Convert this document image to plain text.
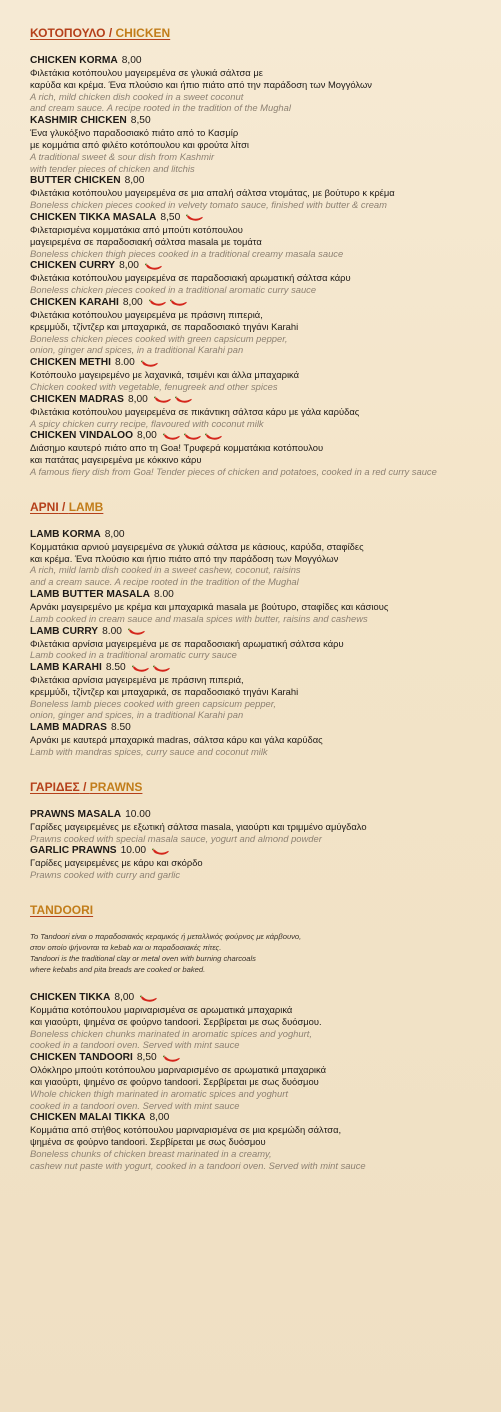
ΚΟΤΟΠΟΥΛΟ / CHICKEN
CHICKEN KORMA 8,00
Φιλετάκια κοτόπουλου μαγειρεμένα σε γλυκιά σάλτσα με
καρύδα και κρέμα. Ένα πλούσιο και ήπιο πιάτο από την παράδοση των Μογγόλων
A rich, mild chicken dish cooked in a sweet coconut
and cream sauce. A recipe rooted in the tradition of the Mughal
KASHMIR CHICKEN 8,50
Ένα γλυκόξινο παραδοσιακό πιάτο από το Κασμίρ
με κομμάτια από φιλέτο κοτόπουλου και φρούτα λίτσι
A traditional sweet & sour dish from Kashmir
with tender pieces of chicken and litchis
BUTTER CHICKEN 8,00
Φιλετάκια κοτόπουλου μαγειρεμένα σε μια απαλή σάλτσα ντομάτας, με βούτυρο κ κρέμα
Boneless chicken pieces cooked in velvety tomato sauce, finished with butter & cream
CHICKEN TIKKA MASALA 8,50
Φιλεταρισμένα κομματάκια από μπούτι κοτόπουλου
μαγειρεμένα σε παραδοσιακή σάλτσα masala με τομάτα
Boneless chicken thigh pieces cooked in a traditional creamy masala sauce
CHICKEN CURRY 8,00
Φιλετάκια κοτόπουλου μαγειρεμένα σε παραδοσιακή αρωματική σάλτσα κάρυ
Boneless chicken pieces cooked in a traditional aromatic curry sauce
CHICKEN KARAHI 8,00
Φιλετάκια κοτόπουλου μαγειρεμένα με πράσινη πιπεριά,
κρεμμύδι, τζίντζερ και μπαχαρικά, σε παραδοσιακό τηγάνι Karahi
Boneless chicken pieces cooked with green capsicum pepper,
onion, ginger and spices, in a traditional Karahi pan
CHICKEN METHI 8.00
Κοτόπουλο μαγειρεμένο με λαχανικά, τσιμένι και άλλα μπαχαρικά
Chicken cooked with vegetable, fenugreek and other spices
CHICKEN MADRAS 8,00
Φιλετάκια κοτόπουλου μαγειρεμένα σε πικάντικη σάλτσα κάρυ με γάλα καρύδας
A spicy chicken curry recipe, flavoured with coconut milk
CHICKEN VINDALOO 8,00
Διάσημο καυτερό πιάτο απο τη Goa! Τρυφερά κομματάκια κοτόπουλου
και πατάτας μαγειρεμένα με κόκκινο κάρυ
A famous fiery dish from Goa! Tender pieces of chicken and potatoes, cooked in a red curry sauce
ΑΡΝΙ / LAMB
LAMB KORMA 8,00
Κομματάκια αρνιού μαγειρεμένα σε γλυκιά σάλτσα με κάσιους, καρύδα, σταφίδες
και κρέμα. Ένα πλούσιο και ήπιο πιάτο από την παράδοση των Μογγόλων
A rich, mild lamb dish cooked in a sweet cashew, coconut, raisins
and a cream sauce. A recipe rooted in the tradition of the Mughal
LAMB BUTTER MASALA 8.00
Αρνάκι μαγειρεμένο με κρέμα και μπαχαρικά masala με βούτυρο, σταφίδες και κάσιους
Lamb cooked in cream sauce and masala spices with butter, raisins and cashews
LAMB CURRY 8.00
Φιλετάκια αρνίσια μαγειρεμένα με σε παραδοσιακή αρωματική σάλτσα κάρυ
Lamb cooked in a traditional aromatic curry sauce
LAMB KARAHI 8.50
Φιλετάκια αρνίσια μαγειρεμένα με πράσινη πιπεριά,
κρεμμύδι, τζίντζερ και μπαχαρικά, σε παραδοσιακό τηγάνι Karahi
Boneless lamb pieces cooked with green capsicum pepper,
onion, ginger and spices, in a traditional Karahi pan
LAMB MADRAS 8.50
Αρνάκι με καυτερά μπαχαρικά madras, σάλτσα κάρυ και γάλα καρύδας
Lamb with mandras spices, curry sauce and coconut milk
ΓΑΡΙΔΕΣ / PRAWNS
PRAWNS MASALA 10.00
Γαρίδες μαγειρεμένες με εξωτική σάλτσα masala, γιαούρτι και τριμμένο αμύγδαλο
Prawns cooked with special masala sauce, yogurt and almond powder
GARLIC PRAWNS 10.00
Γαρίδες μαγειρεμένες με κάρυ και σκόρδο
Prawns cooked with curry and garlic
TANDOORI
Το Tandoori είναι ο παραδοσιακός κεραμικός ή μεταλλικός φούρνος με κάρβουνο,
στον οποίο ψήνονται τα kebab και οι παραδοσιακές πίτες.
Tandoori is the traditional clay or metal oven with burning charcoals
where kebabs and pita breads are cooked or baked.
CHICKEN TIKKA 8,00
Κομμάτια κοτόπουλου μαριναρισμένα σε αρωματικά μπαχαρικά
και γιαούρτι, ψημένα σε φούρνο tandoori. Σερβίρεται με σως δυόσμου.
Boneless chicken chunks marinated in aromatic spices and yoghurt,
cooked in a tandoori oven. Served with mint sauce
CHICKEN TANDOORI 8,50
Ολόκληρο μπούτι κοτόπουλου μαριναρισμένο σε αρωματικά μπαχαρικά
και γιαούρτι, ψημένο σε φούρνο tandoori. Σερβίρεται με σως δυόσμου
Whole chicken thigh marinated in aromatic spices and yoghurt
cooked in a tandoori oven. Served with mint sauce
CHICKEN MALAI TIKKA 8,00
Κομμάτια από στήθος κοτόπουλου μαριναρισμένα σε μια κρεμώδη σάλτσα,
ψημένα σε φούρνο tandoori. Σερβίρεται με σως δυόσμου
Boneless chunks of chicken breast marinated in a creamy,
cashew nut paste with yogurt, cooked in a tandoori oven. Served with mint sauce
